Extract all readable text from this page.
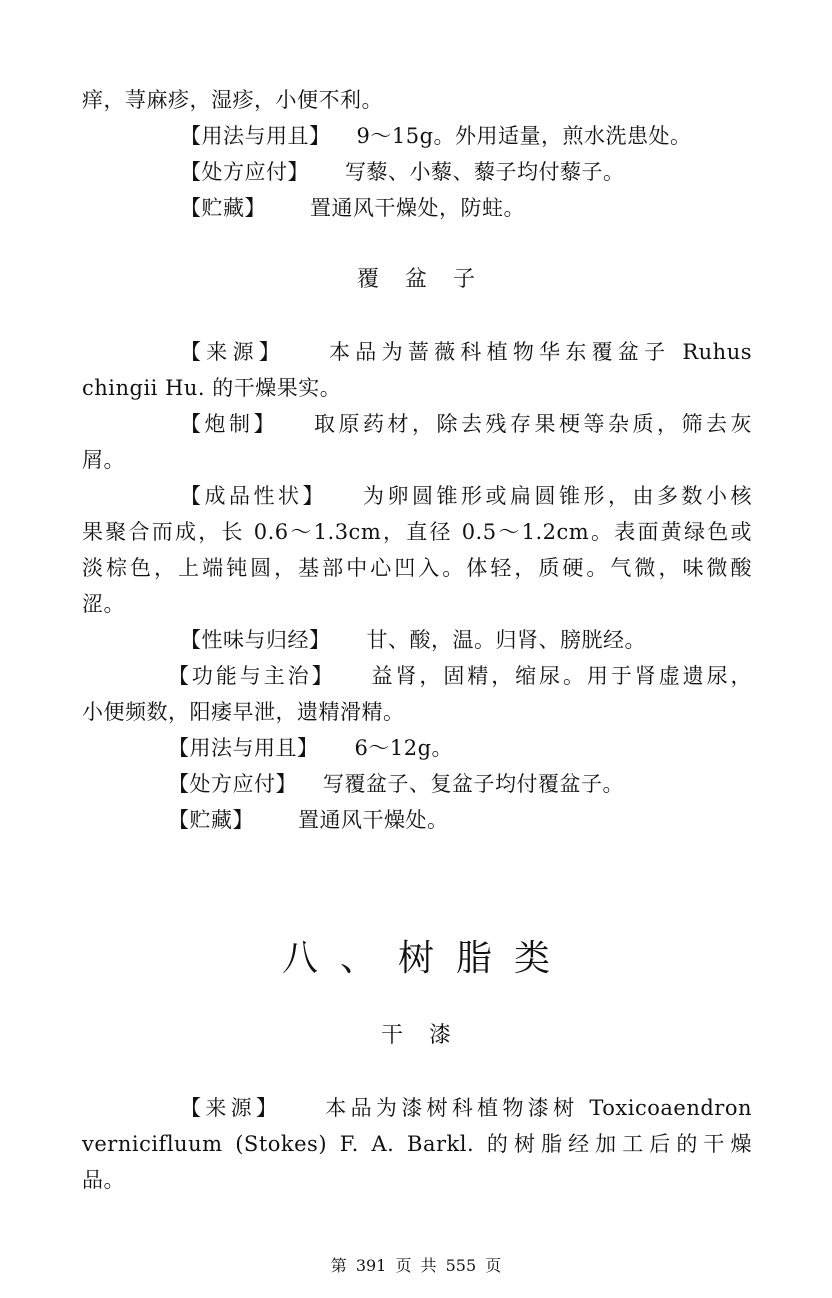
痒，荨麻疹，湿疹，小便不利。
【用法与用且】 9～15g。外用适量，煎水洗患处。
【处方应付】 写藜、小藜、藜子均付藜子。
【贮藏】 置通风干燥处，防蛀。
覆盆子
【来源】 本品为蔷薇科植物华东覆盆子 Ruhus
chingii Hu. 的干燥果实。
【炮制】 取原药材，除去残存果梗等杂质，筛去灰
屑。
【成品性状】 为卵圆锥形或扁圆锥形，由多数小核
果聚合而成，长 0.6～1.3cm，直径 0.5～1.2cm。表面黄绿色或
淡棕色，上端钝圆，基部中心凹入。体轻，质硬。气微，味微酸
涩。
【性味与归经】 甘、酸，温。归肾、膀胱经。
【功能与主治】 益肾，固精，缩尿。用于肾虚遗尿，
小便频数，阳痿早泄，遗精滑精。
【用法与用且】 6～12g。
【处方应付】 写覆盆子、复盆子均付覆盆子。
【贮藏】 置通风干燥处。
八、树脂类
干漆
【来源】 本品为漆树科植物漆树 Toxicoaendron
vernicifluum (Stokes) F. A. Barkl. 的树脂经加工后的干燥
品。
第 391 页 共 555 页
